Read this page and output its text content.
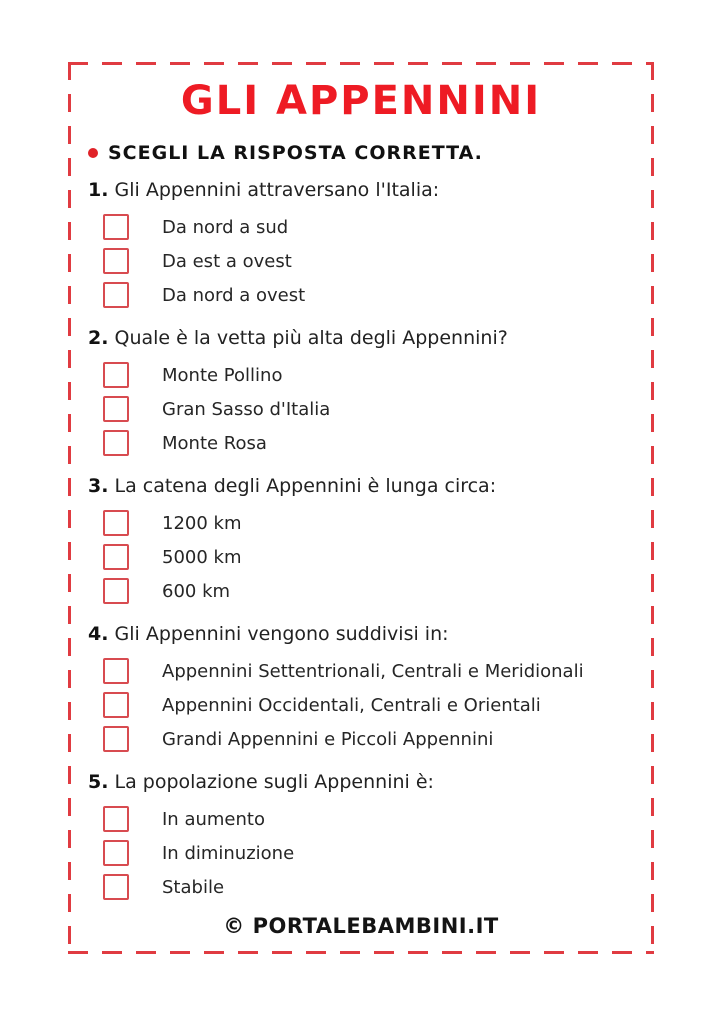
GLI APPENNINI
SCEGLI LA RISPOSTA CORRETTA.
1. Gli Appennini attraversano l'Italia:
Da nord a sud
Da est a ovest
Da nord a ovest
2. Quale è la vetta più alta degli Appennini?
Monte Pollino
Gran Sasso d'Italia
Monte Rosa
3. La catena degli Appennini è lunga circa:
1200 km
5000 km
600 km
4. Gli Appennini vengono suddivisi in:
Appennini Settentrionali, Centrali e Meridionali
Appennini Occidentali, Centrali e Orientali
Grandi Appennini e Piccoli Appennini
5. La popolazione sugli Appennini è:
In aumento
In diminuzione
Stabile
© PORTALEBAMBINI.IT
